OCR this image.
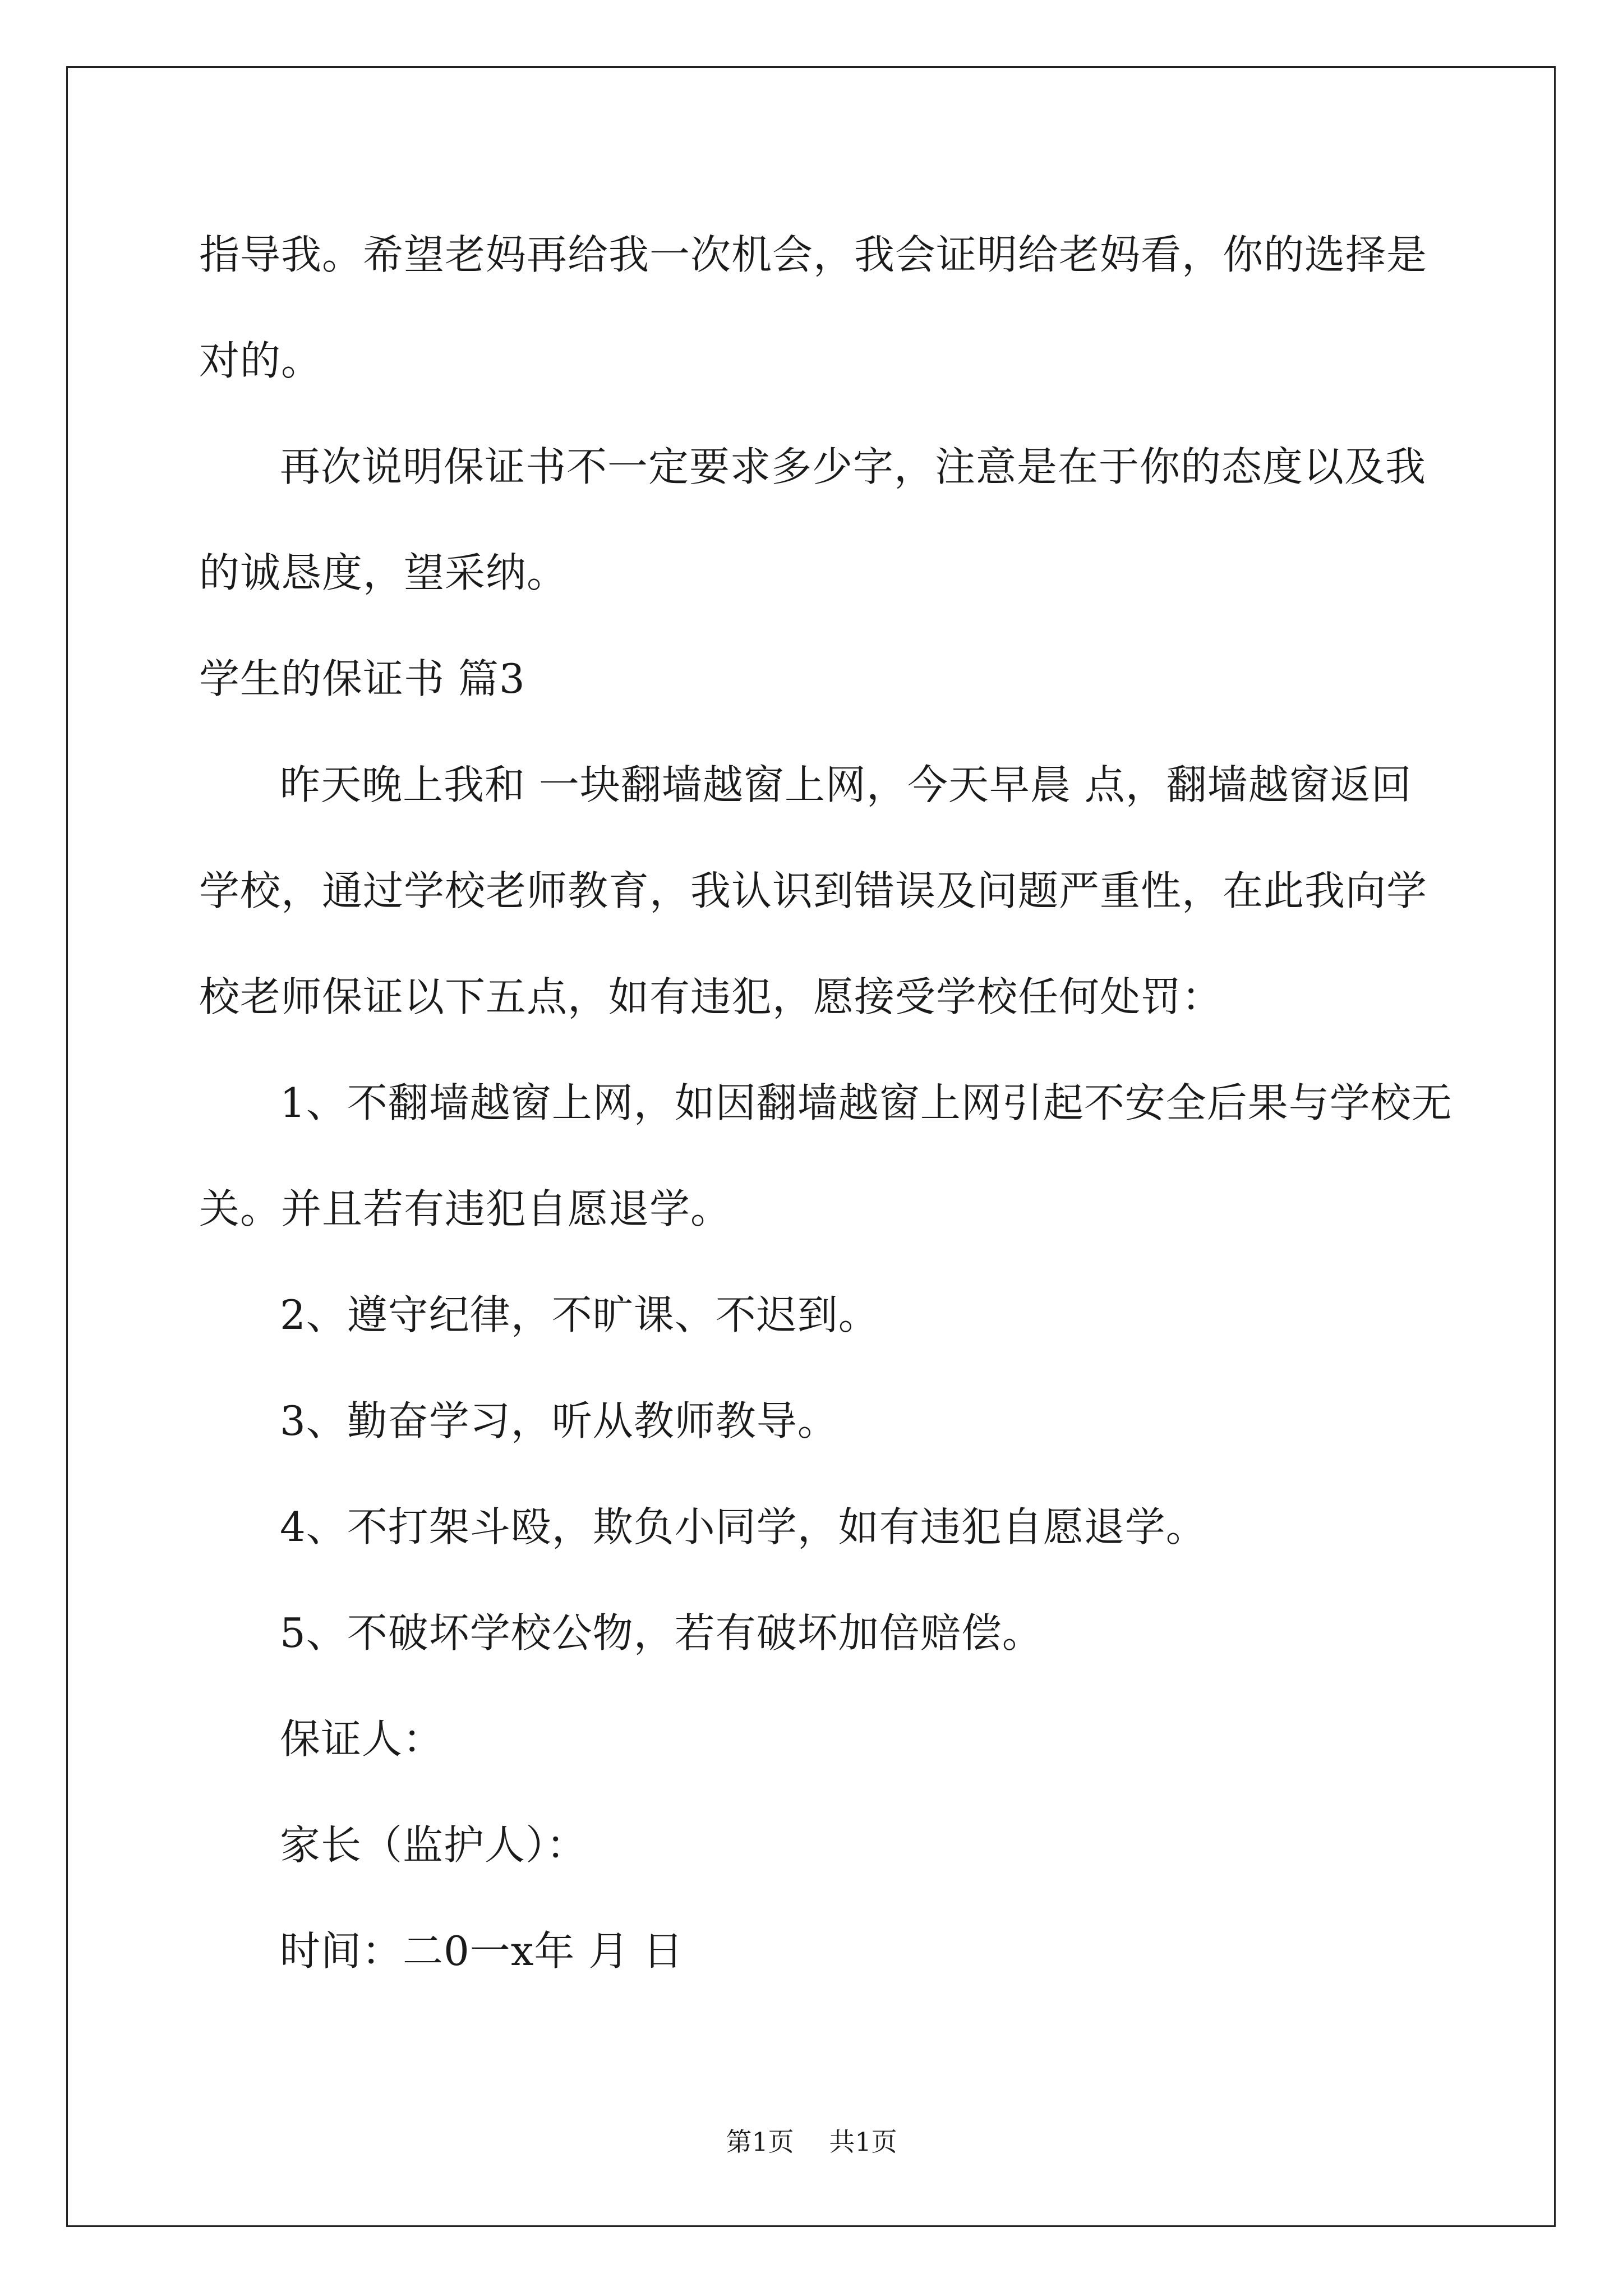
指导我。希望老妈再给我一次机会，我会证明给老妈看，你的选择是
对的。
再次说明保证书不一定要求多少字，注意是在于你的态度以及我
的诚恳度，望采纳。
学生的保证书 篇3
昨天晚上我和 一块翻墙越窗上网，今天早晨 点，翻墙越窗返回
学校，通过学校老师教育，我认识到错误及问题严重性，在此我向学
校老师保证以下五点，如有违犯，愿接受学校任何处罚：
1、不翻墙越窗上网，如因翻墙越窗上网引起不安全后果与学校无
关。并且若有违犯自愿退学。
2、遵守纪律，不旷课、不迟到。
3、勤奋学习，听从教师教导。
4、不打架斗殴，欺负小同学，如有违犯自愿退学。
5、不破坏学校公物，若有破坏加倍赔偿。
保证人：
家长（监护人）：
时间：二0一x年 月 日
第1页 共1页
